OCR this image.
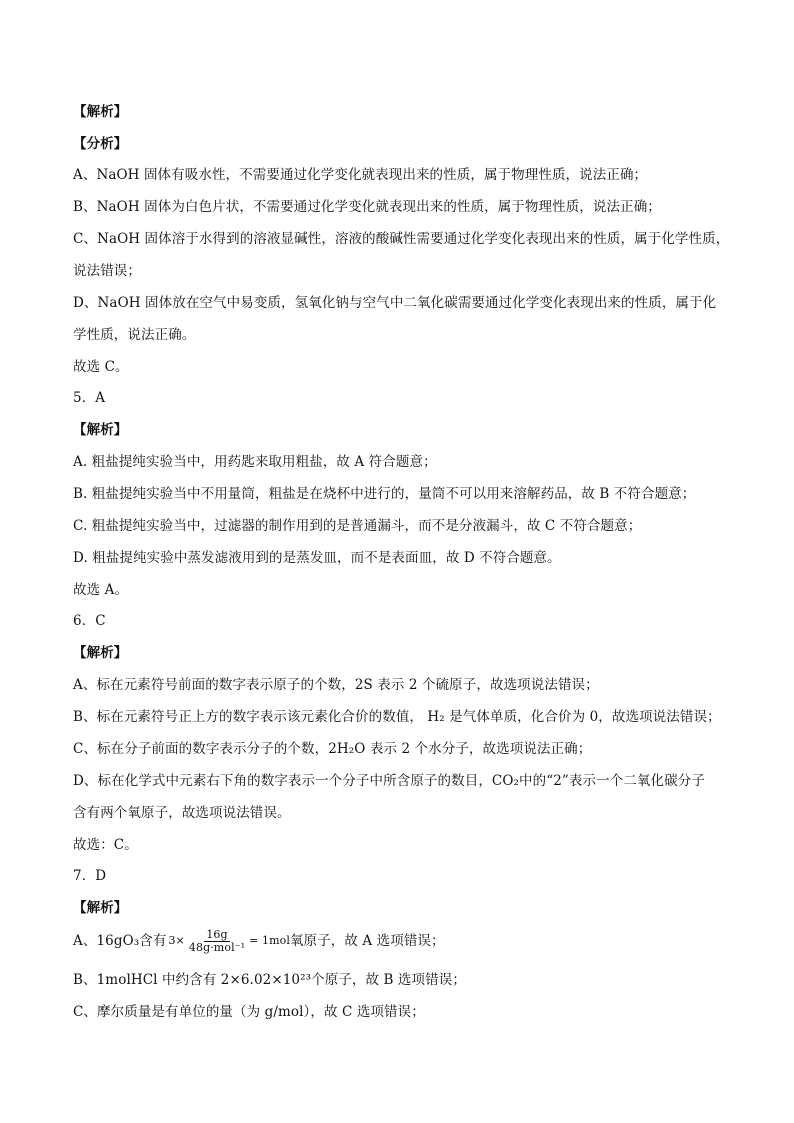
【解析】
【分析】
A、NaOH 固体有吸水性，不需要通过化学变化就表现出来的性质，属于物理性质，说法正确；
B、NaOH 固体为白色片状，不需要通过化学变化就表现出来的性质，属于物理性质，说法正确；
C、NaOH 固体溶于水得到的溶液显碱性，溶液的酸碱性需要通过化学变化表现出来的性质，属于化学性质，
说法错误；
D、NaOH 固体放在空气中易变质，氢氧化钠与空气中二氧化碳需要通过化学变化表现出来的性质，属于化
学性质，说法正确。
故选 C。
5．A
【解析】
A. 粗盐提纯实验当中，用药匙来取用粗盐，故 A 符合题意；
B. 粗盐提纯实验当中不用量筒，粗盐是在烧杯中进行的，量筒不可以用来溶解药品，故 B 不符合题意；
C. 粗盐提纯实验当中，过滤器的制作用到的是普通漏斗，而不是分液漏斗，故 C 不符合题意；
D. 粗盐提纯实验中蒸发滤液用到的是蒸发皿，而不是表面皿，故 D 不符合题意。
故选 A。
6．C
【解析】
A、标在元素符号前面的数字表示原子的个数，2S 表示 2 个硫原子，故选项说法错误；
B、标在元素符号正上方的数字表示该元素化合价的数值， H₂ 是气体单质，化合价为 0，故选项说法错误；
C、标在分子前面的数字表示分子的个数，2H₂O 表示 2 个水分子，故选项说法正确；
D、标在化学式中元素右下角的数字表示一个分子中所含原子的数目，CO₂中的“2”表示一个二氧化碳分子
含有两个氧原子，故选项说法错误。
故选：C。
7．D
【解析】
A、16gO₃含有 $3\times \frac{16g}{\text{48g·mol⁻¹}} = 1mol$ 氧原子，故 A 选项错误；
B、1molHCl 中约含有 2×6.02×10²³个原子，故 B 选项错误；
C、摩尔质量是有单位的量（为 g/mol），故 C 选项错误；
